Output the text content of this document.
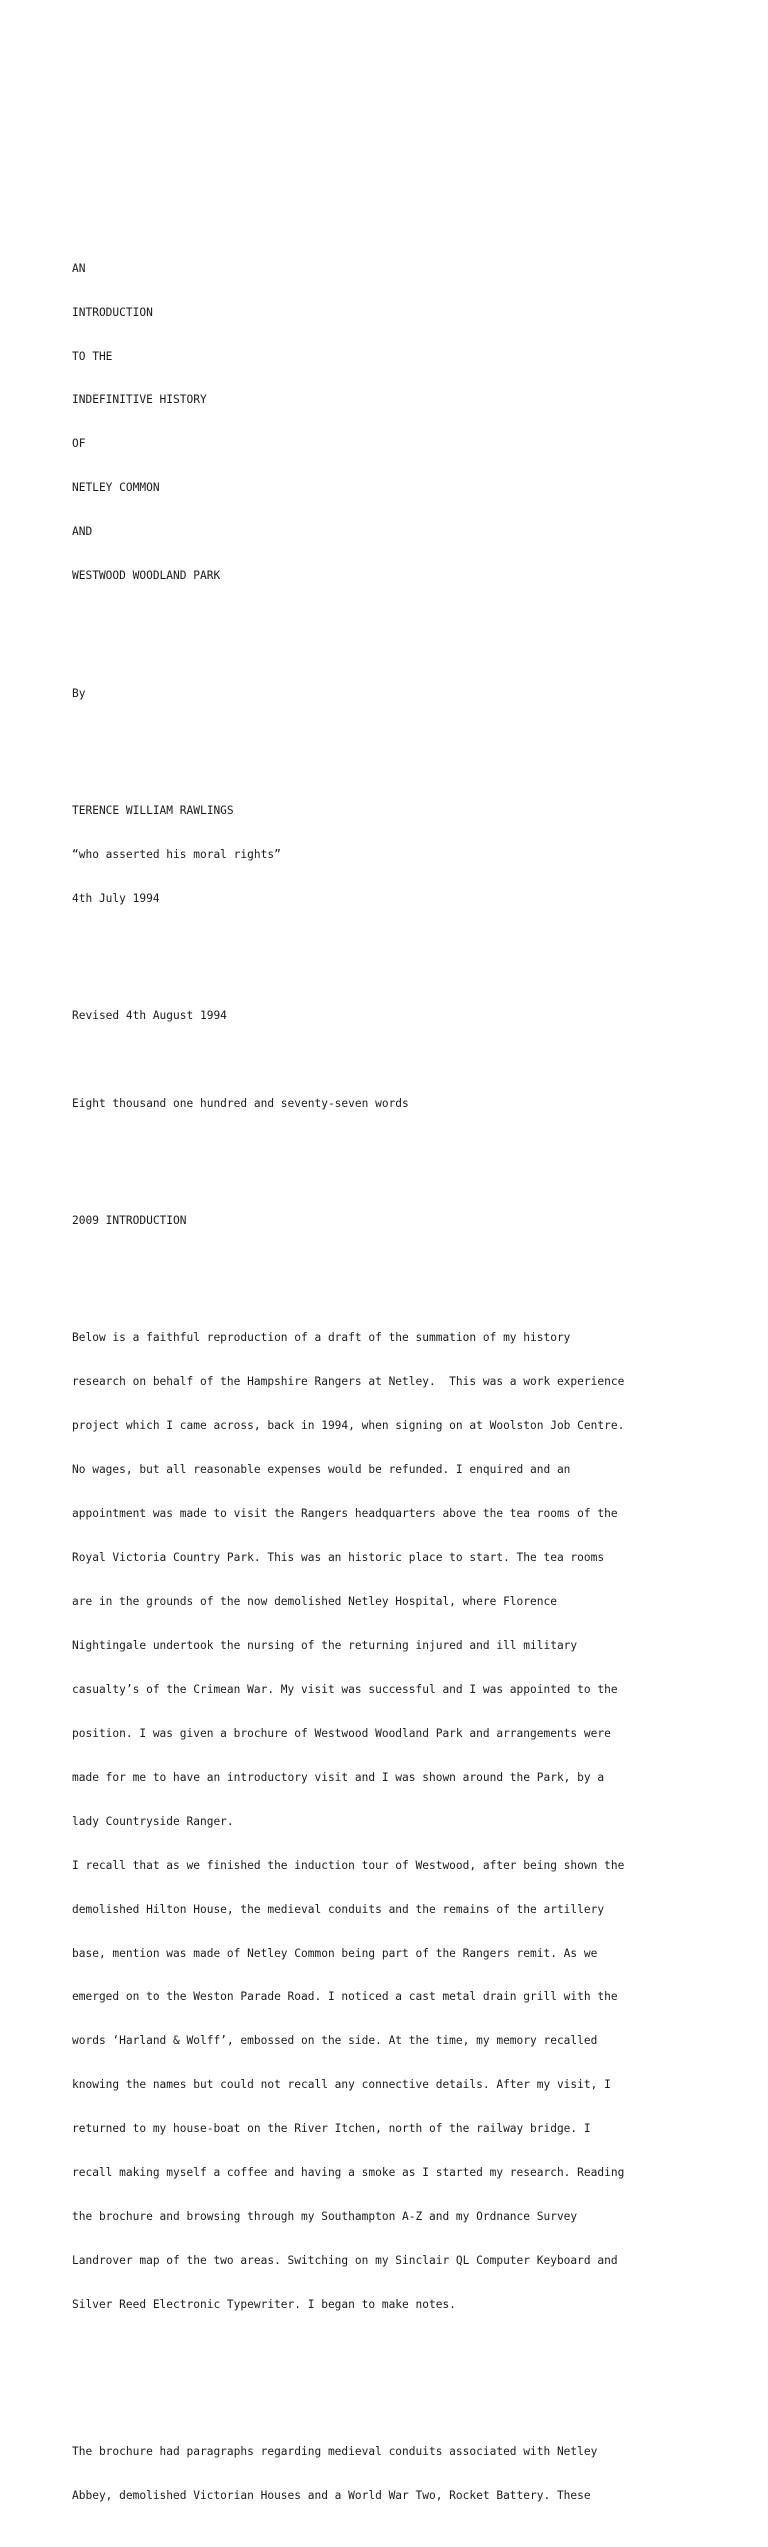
AN

INTRODUCTION

TO THE

INDEFINITIVE HISTORY

OF

NETLEY COMMON

AND

WESTWOOD WOODLAND PARK

By

TERENCE WILLIAM RAWLINGS

“who asserted his moral rights”

4th July 1994

Revised 4th August 1994

Eight thousand one hundred and seventy-seven words

2009 INTRODUCTION

Below is a faithful reproduction of a draft of the summation of my history

research on behalf of the Hampshire Rangers at Netley.  This was a work experience

project which I came across, back in 1994, when signing on at Woolston Job Centre.

No wages, but all reasonable expenses would be refunded. I enquired and an

appointment was made to visit the Rangers headquarters above the tea rooms of the

Royal Victoria Country Park. This was an historic place to start. The tea rooms

are in the grounds of the now demolished Netley Hospital, where Florence

Nightingale undertook the nursing of the returning injured and ill military

casualty’s of the Crimean War. My visit was successful and I was appointed to the

position. I was given a brochure of Westwood Woodland Park and arrangements were

made for me to have an introductory visit and I was shown around the Park, by a

lady Countryside Ranger.

I recall that as we finished the induction tour of Westwood, after being shown the

demolished Hilton House, the medieval conduits and the remains of the artillery

base, mention was made of Netley Common being part of the Rangers remit. As we

emerged on to the Weston Parade Road. I noticed a cast metal drain grill with the

words ‘Harland & Wolff’, embossed on the side. At the time, my memory recalled

knowing the names but could not recall any connective details. After my visit, I

returned to my house-boat on the River Itchen, north of the railway bridge. I

recall making myself a coffee and having a smoke as I started my research. Reading

the brochure and browsing through my Southampton A-Z and my Ordnance Survey

Landrover map of the two areas. Switching on my Sinclair QL Computer Keyboard and

Silver Reed Electronic Typewriter. I began to make notes.

The brochure had paragraphs regarding medieval conduits associated with Netley

Abbey, demolished Victorian Houses and a World War Two, Rocket Battery. These
